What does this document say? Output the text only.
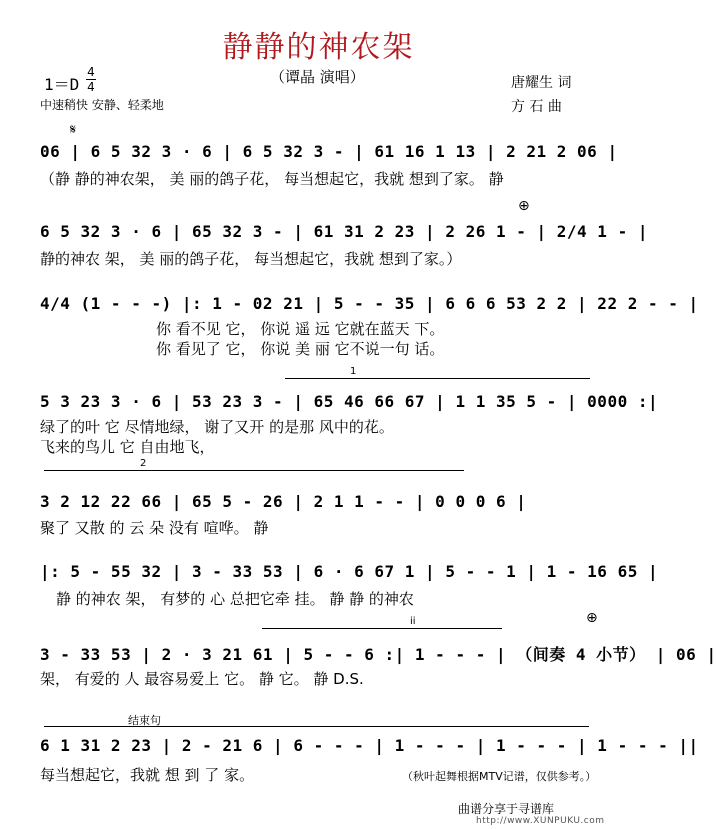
静静的神农架
（谭晶 演唱）
1＝D
4
4
中速稍快 安静、轻柔地
唐耀生 词
方 石 曲
𝄋
06 | 6 5 32 3 · 6 | 6 5 32 3 - | 61 16 1 13 | 2 21 2 06 |
（静 静的神农架， 美 丽的鸽子花， 每当想起它，我就 想到了家。 静
⊕
6 5 32 3 · 6 | 65 32 3 - | 61 31 2 23 | 2 26 1 - | 2/4 1 - |
静的神农 架， 美 丽的鸽子花， 每当想起它，我就 想到了家。）
4/4 (1 - - -) |: 1 - 02 21 | 5 - - 35 | 6 6 6 53 2 2 | 22 2 - - |
你 看不见 它， 你说 遥 远 它就在蓝天 下。
你 看见了 它， 你说 美 丽 它不说一句 话。
1
5 3 23 3 · 6 | 53 23 3 - | 65 46 66 67 | 1 1 35 5 - | 0000 :|
绿了的叶 它 尽情地绿， 谢了又开 的是那 风中的花。
飞来的鸟儿 它 自由地飞，
2
3 2 12 22 66 | 65 5 - 26 | 2 1 1 - - | 0 0 0 6 |
聚了 又散 的 云 朵 没有 喧哗。 静
|: 5 - 55 32 | 3 - 33 53 | 6 · 6 67 1 | 5 - - 1 | 1 - 16 65 |
静 的神农 架， 有梦的 心 总把它牵 挂。 静 静 的神农
⊕
ii
3 - 33 53 | 2 · 3 21 61 | 5 - - 6 :| 1 - - - | （间奏 4 小节） | 06 |
架， 有爱的 人 最容易爱上 它。 静 它。 静 D.S.
结束句
6 1 31 2 23 | 2 - 21 6 | 6 - - - | 1 - - - | 1 - - - | 1 - - - ||
每当想起它，我就 想 到 了 家。	（秋叶起舞根据MTV记谱，仅供参考。）
曲谱分享于寻谱库
http://www.XUNPUKU.com
